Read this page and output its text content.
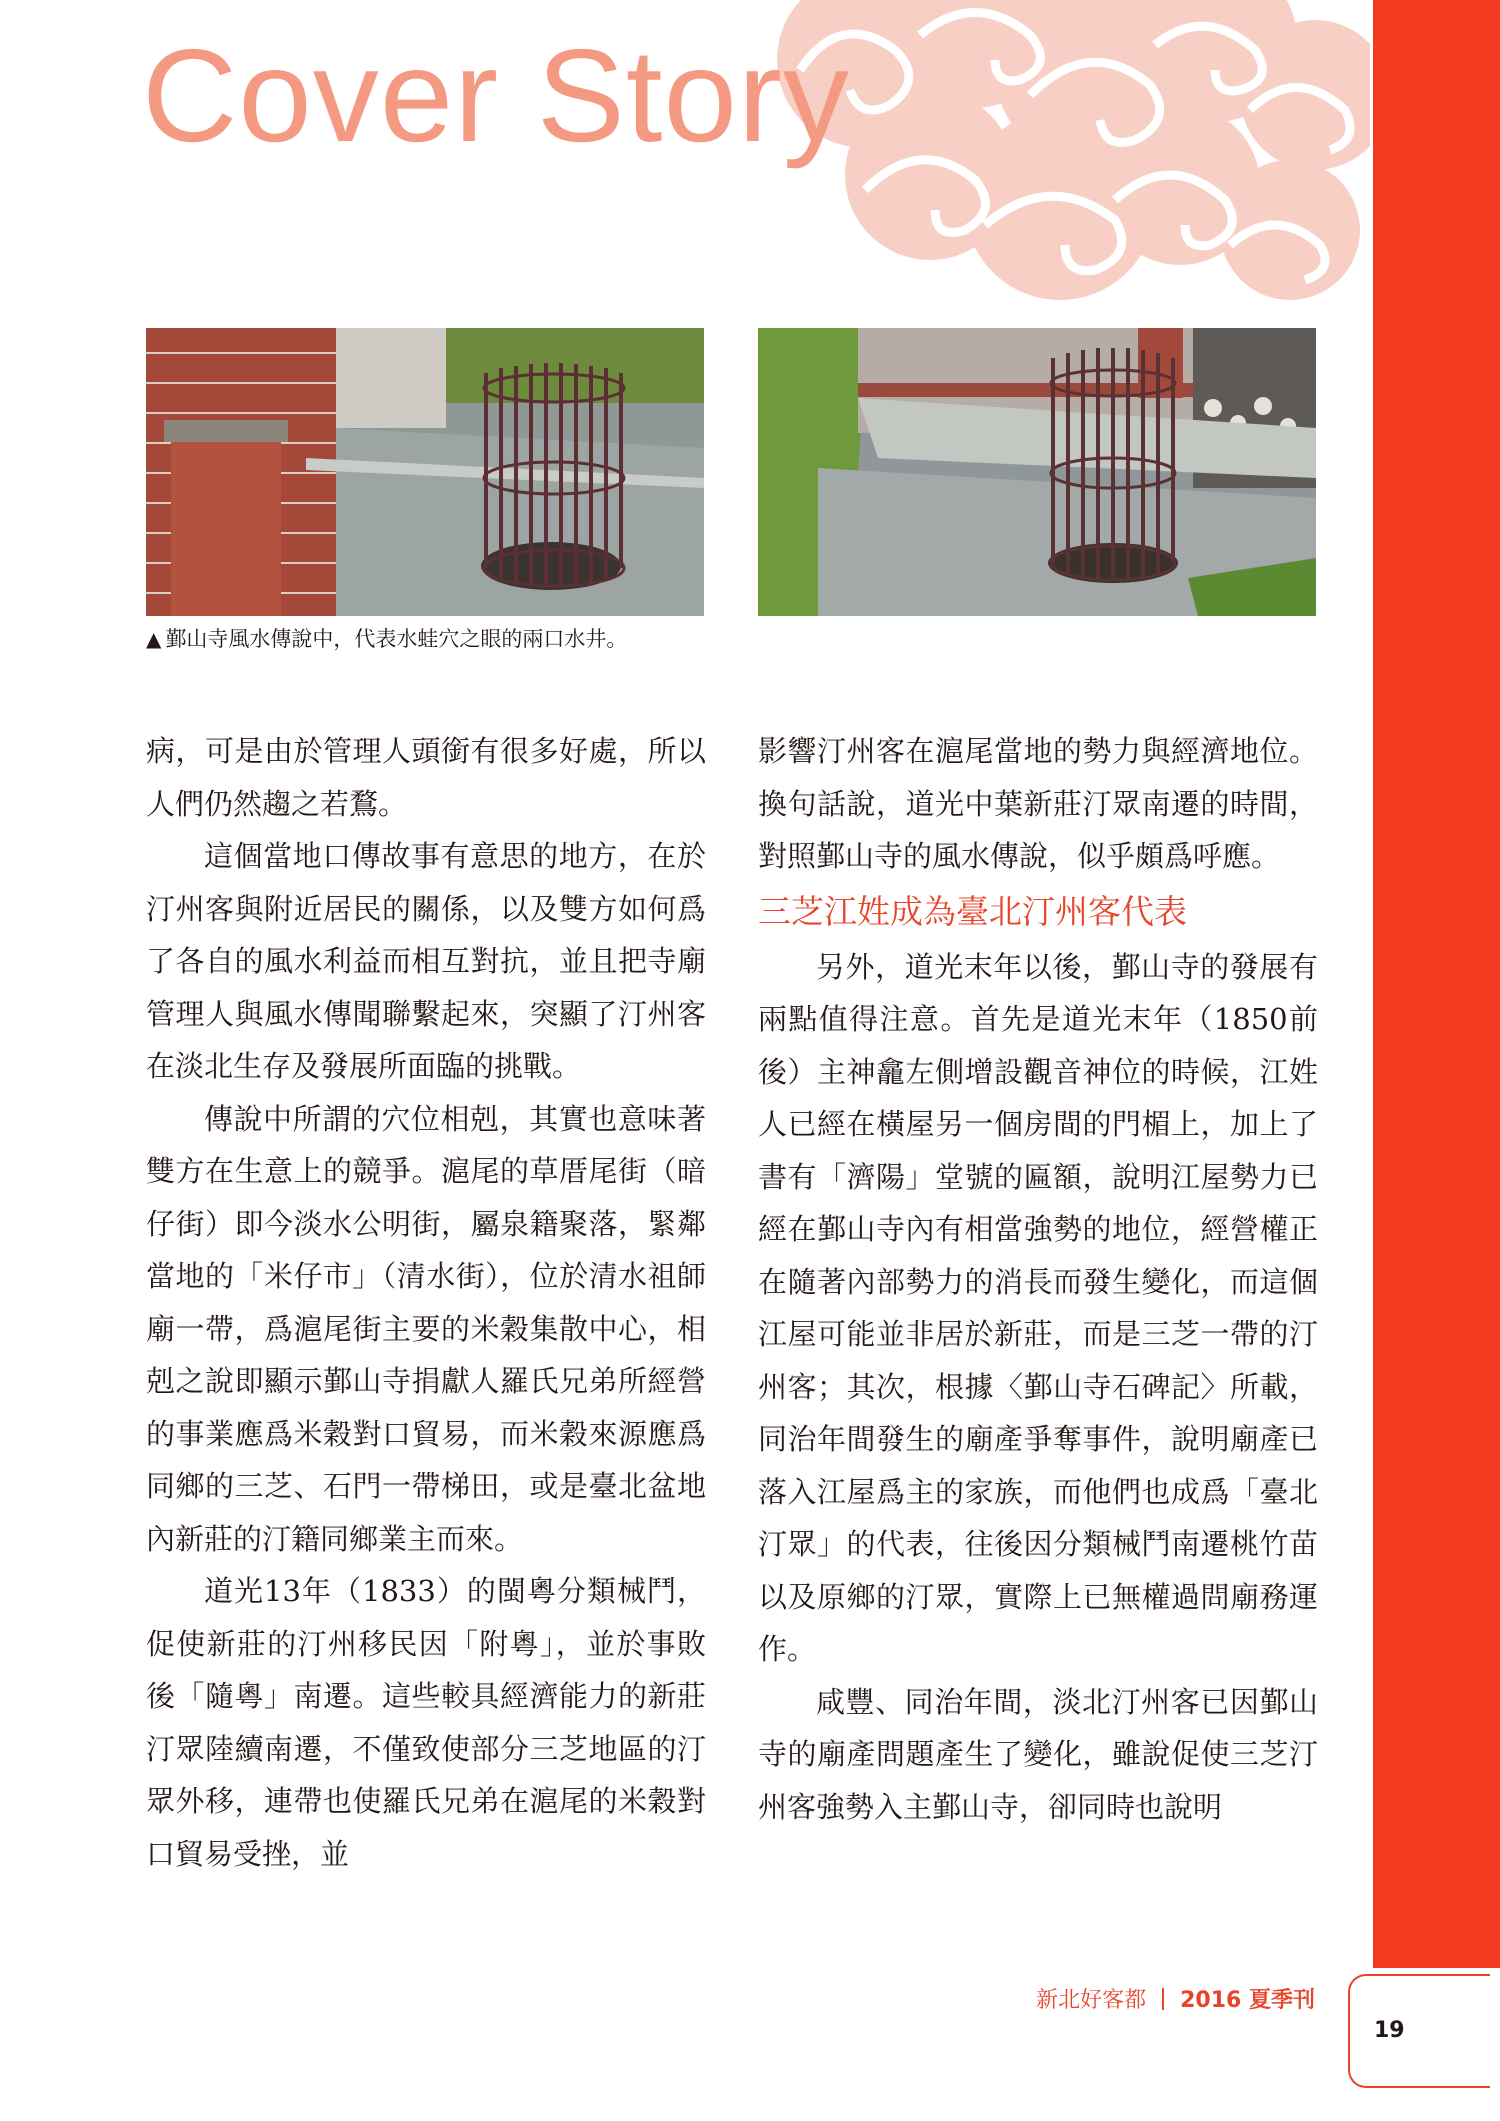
Cover Story

▲ 鄞山寺風水傳說中，代表水蛙穴之眼的兩口水井。

病，可是由於管理人頭銜有很多好處，所以人們仍然趨之若鶩。

這個當地口傳故事有意思的地方，在於汀州客與附近居民的關係，以及雙方如何爲了各自的風水利益而相互對抗，並且把寺廟管理人與風水傳聞聯繫起來，突顯了汀州客在淡北生存及發展所面臨的挑戰。

傳說中所謂的穴位相剋，其實也意味著雙方在生意上的競爭。滬尾的草厝尾街（暗仔街）即今淡水公明街，屬泉籍聚落，緊鄰當地的「米仔市」（清水街），位於清水祖師廟一帶，爲滬尾街主要的米穀集散中心，相剋之說即顯示鄞山寺捐獻人羅氏兄弟所經營的事業應爲米穀對口貿易，而米穀來源應爲同鄉的三芝、石門一帶梯田，或是臺北盆地內新莊的汀籍同鄉業主而來。

道光13年（1833）的閩粵分類械鬥，促使新莊的汀州移民因「附粵」，並於事敗後「隨粵」南遷。這些較具經濟能力的新莊汀眾陸續南遷，不僅致使部分三芝地區的汀眾外移，連帶也使羅氏兄弟在滬尾的米穀對口貿易受挫，並

影響汀州客在滬尾當地的勢力與經濟地位。換句話說，道光中葉新莊汀眾南遷的時間，對照鄞山寺的風水傳說，似乎頗爲呼應。

三芝江姓成為臺北汀州客代表

另外，道光末年以後，鄞山寺的發展有兩點值得注意。首先是道光末年（1850前後）主神龕左側增設觀音神位的時候，江姓人已經在橫屋另一個房間的門楣上，加上了書有「濟陽」堂號的匾額，說明江屋勢力已經在鄞山寺內有相當強勢的地位，經營權正在隨著內部勢力的消長而發生變化，而這個江屋可能並非居於新莊，而是三芝一帶的汀州客；其次，根據〈鄞山寺石碑記〉所載，同治年間發生的廟產爭奪事件，說明廟產已落入江屋爲主的家族，而他們也成爲「臺北汀眾」的代表，往後因分類械鬥南遷桃竹苗以及原鄉的汀眾，實際上已無權過問廟務運作。

咸豐、同治年間，淡北汀州客已因鄞山寺的廟產問題產生了變化，雖說促使三芝汀州客強勢入主鄞山寺，卻同時也說明

新北好客都 2016 夏季刊
19
